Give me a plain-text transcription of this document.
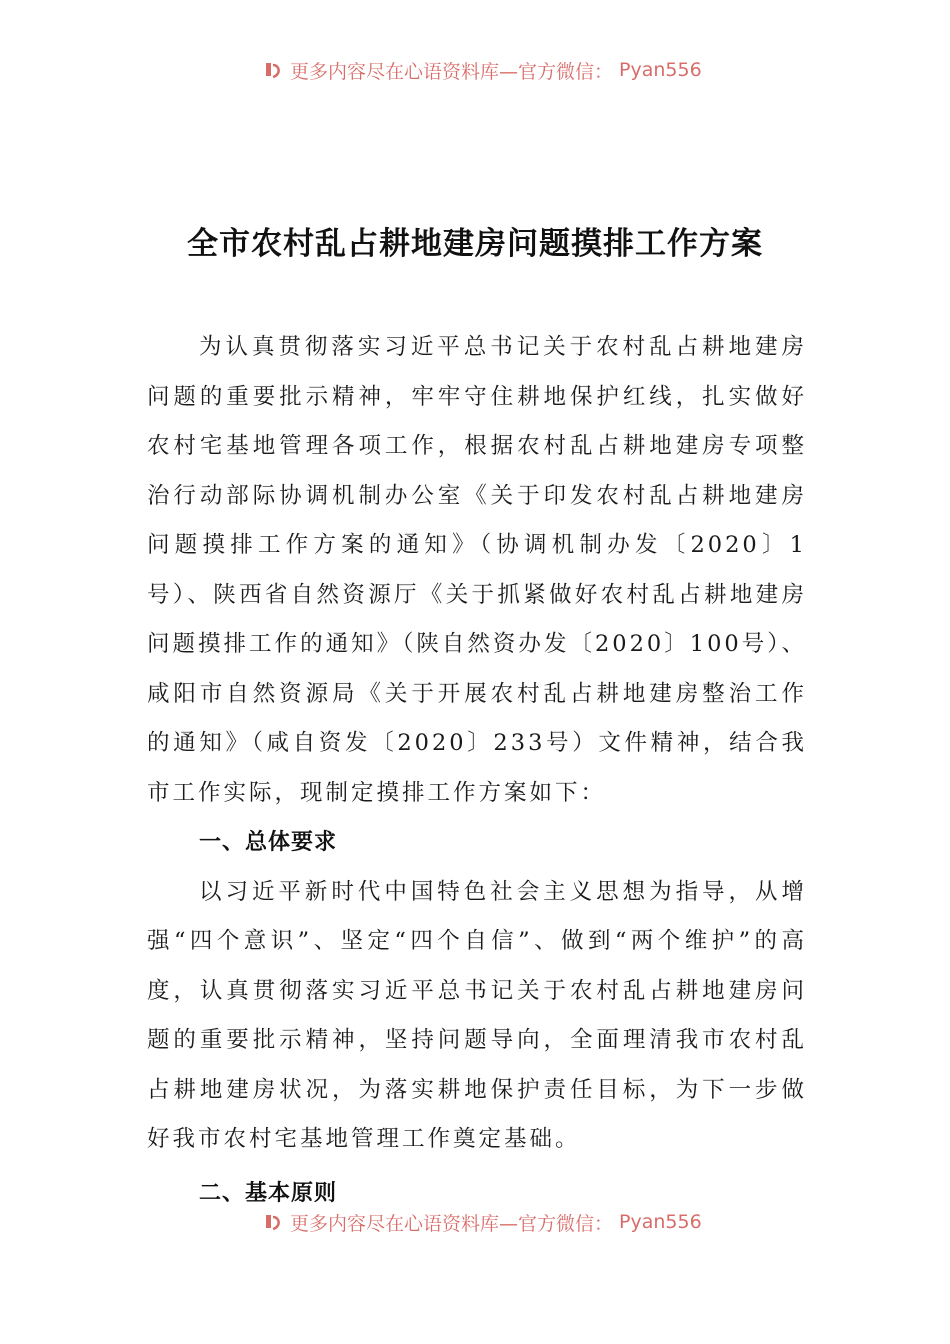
更多内容尽在心语资料库—官方微信： Pyan556
全市农村乱占耕地建房问题摸排工作方案

为认真贯彻落实习近平总书记关于农村乱占耕地建房问题的重要批示精神，牢牢守住耕地保护红线，扎实做好农村宅基地管理各项工作，根据农村乱占耕地建房专项整治行动部际协调机制办公室《关于印发农村乱占耕地建房问题摸排工作方案的通知》（协调机制办发〔2020〕1号）、陕西省自然资源厅《关于抓紧做好农村乱占耕地建房问题摸排工作的通知》（陕自然资办发〔2020〕100号）、咸阳市自然资源局《关于开展农村乱占耕地建房整治工作的通知》（咸自资发〔2020〕233号）文件精神，结合我市工作实际，现制定摸排工作方案如下：

一、总体要求

以习近平新时代中国特色社会主义思想为指导，从增强“四个意识”、坚定“四个自信”、做到“两个维护”的高度，认真贯彻落实习近平总书记关于农村乱占耕地建房问题的重要批示精神，坚持问题导向，全面理清我市农村乱占耕地建房状况，为落实耕地保护责任目标，为下一步做好我市农村宅基地管理工作奠定基础。

二、基本原则

更多内容尽在心语资料库—官方微信： Pyan556
